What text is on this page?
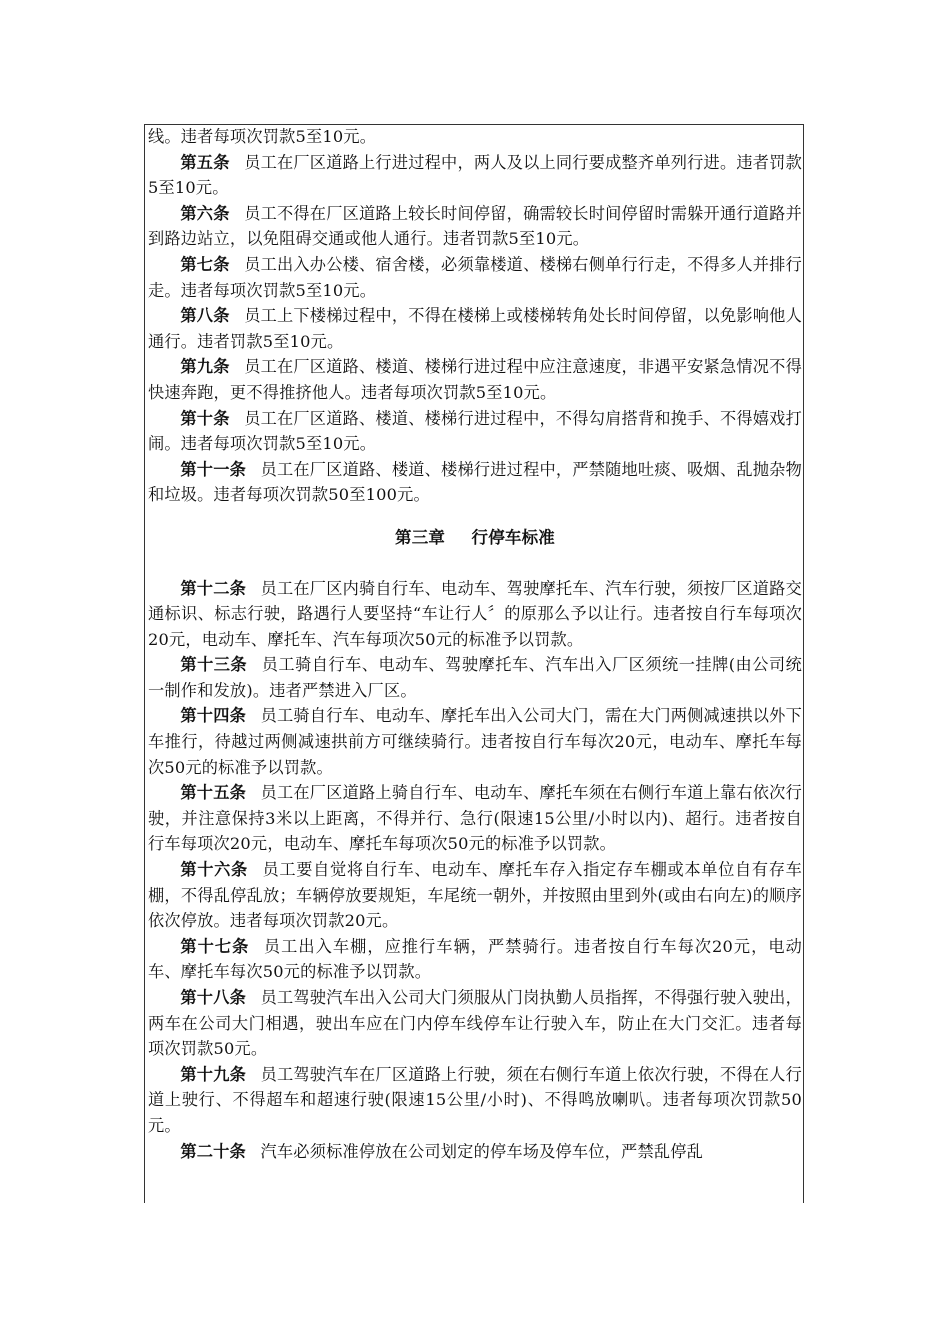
线。违者每项次罚款5至10元。

第五条 员工在厂区道路上行进过程中，两人及以上同行要成整齐单列行进。违者罚款5至10元。

第六条 员工不得在厂区道路上较长时间停留，确需较长时间停留时需躲开通行道路并到路边站立，以免阻碍交通或他人通行。违者罚款5至10元。

第七条 员工出入办公楼、宿舍楼，必须靠楼道、楼梯右侧单行行走，不得多人并排行走。违者每项次罚款5至10元。

第八条 员工上下楼梯过程中，不得在楼梯上或楼梯转角处长时间停留，以免影响他人通行。违者罚款5至10元。

第九条 员工在厂区道路、楼道、楼梯行进过程中应注意速度，非遇平安紧急情况不得快速奔跑，更不得推挤他人。违者每项次罚款5至10元。

第十条 员工在厂区道路、楼道、楼梯行进过程中，不得勾肩搭背和挽手、不得嬉戏打闹。违者每项次罚款5至10元。

第十一条 员工在厂区道路、楼道、楼梯行进过程中，严禁随地吐痰、吸烟、乱抛杂物和垃圾。违者每项次罚款50至100元。

第三章 行停车标准

第十二条 员工在厂区内骑自行车、电动车、驾驶摩托车、汽车行驶，须按厂区道路交通标识、标志行驶，路遇行人要坚持“车让行人〞的原那么予以让行。违者按自行车每项次20元，电动车、摩托车、汽车每项次50元的标准予以罚款。

第十三条 员工骑自行车、电动车、驾驶摩托车、汽车出入厂区须统一挂牌(由公司统一制作和发放)。违者严禁进入厂区。

第十四条 员工骑自行车、电动车、摩托车出入公司大门，需在大门两侧减速拱以外下车推行，待越过两侧减速拱前方可继续骑行。违者按自行车每次20元，电动车、摩托车每次50元的标准予以罚款。

第十五条 员工在厂区道路上骑自行车、电动车、摩托车须在右侧行车道上靠右依次行驶，并注意保持3米以上距离，不得并行、急行(限速15公里/小时以内)、超行。违者按自行车每项次20元，电动车、摩托车每项次50元的标准予以罚款。

第十六条 员工要自觉将自行车、电动车、摩托车存入指定存车棚或本单位自有存车棚，不得乱停乱放；车辆停放要规矩，车尾统一朝外，并按照由里到外(或由右向左)的顺序依次停放。违者每项次罚款20元。

第十七条 员工出入车棚，应推行车辆，严禁骑行。违者按自行车每次20元，电动车、摩托车每次50元的标准予以罚款。

第十八条 员工驾驶汽车出入公司大门须服从门岗执勤人员指挥，不得强行驶入驶出，两车在公司大门相遇，驶出车应在门内停车线停车让行驶入车，防止在大门交汇。违者每项次罚款50元。

第十九条 员工驾驶汽车在厂区道路上行驶，须在右侧行车道上依次行驶，不得在人行道上驶行、不得超车和超速行驶(限速15公里/小时)、不得鸣放喇叭。违者每项次罚款50元。

第二十条 汽车必须标准停放在公司划定的停车场及停车位，严禁乱停乱
